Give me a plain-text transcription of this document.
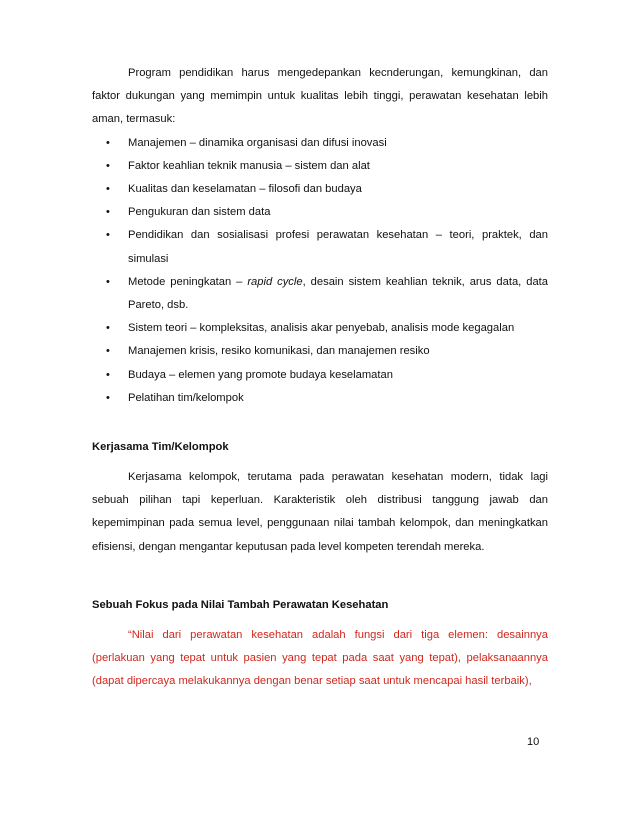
Program pendidikan harus mengedepankan kecnderungan, kemungkinan, dan faktor dukungan yang memimpin untuk kualitas lebih tinggi, perawatan kesehatan lebih aman, termasuk:

• Manajemen – dinamika organisasi dan difusi inovasi
• Faktor keahlian teknik manusia – sistem dan alat
• Kualitas dan keselamatan – filosofi dan budaya
• Pengukuran dan sistem data
• Pendidikan dan sosialisasi profesi perawatan kesehatan – teori, praktek, dan simulasi
• Metode peningkatan – rapid cycle, desain sistem keahlian teknik, arus data, data Pareto, dsb.
• Sistem teori – kompleksitas, analisis akar penyebab, analisis mode kegagalan
• Manajemen krisis, resiko komunikasi, dan manajemen resiko
• Budaya – elemen yang promote budaya keselamatan
• Pelatihan tim/kelompok

Kerjasama Tim/Kelompok

Kerjasama kelompok, terutama pada perawatan kesehatan modern, tidak lagi sebuah pilihan tapi keperluan. Karakteristik oleh distribusi tanggung jawab dan kepemimpinan pada semua level, penggunaan nilai tambah kelompok, dan meningkatkan efisiensi, dengan mengantar keputusan pada level kompeten terendah mereka.

Sebuah Fokus pada Nilai Tambah Perawatan Kesehatan

“Nilai dari perawatan kesehatan adalah fungsi dari tiga elemen: desainnya (perlakuan yang tepat untuk pasien yang tepat pada saat yang tepat), pelaksanaannya (dapat dipercaya melakukannya dengan benar setiap saat untuk mencapai hasil terbaik),

10
